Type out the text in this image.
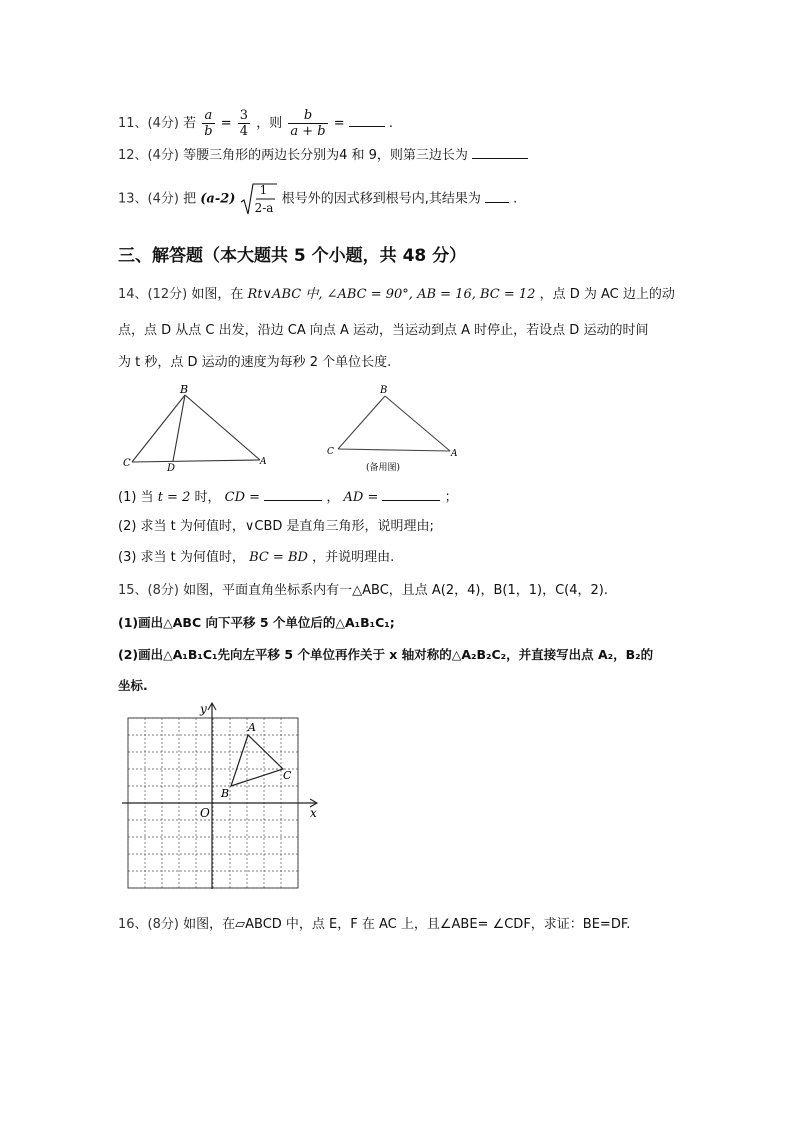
11、(4分) 若 $\frac{a}{b} = \frac{3}{4}$ ，则 $\frac{b}{a + b}$ =	.
12、(4分) 等腰三角形的两边长分别为4 和 9，则第三边长为
13、(4分) 把 (a-2)
1
2-a
根号外的因式移到根号内,其结果为 .
三、解答题（本大题共 5 个小题，共 48 分）
14、(12分) 如图，在 Rt∨ABC 中, ∠ABC = 90°, AB = 16, BC = 12 ，点 D 为 AC 边上的动
点，点 D 从点 C 出发，沿边 CA 向点 A 运动，当运动到点 A 时停止，若设点 D 运动的时间
为 t 秒，点 D 运动的速度为每秒 2 个单位长度.
B
C	D
A
B
C	A
(备用图)
(1) 当 t = 2 时， CD =	， AD =	；
(2) 求当 t 为何值时，∨CBD 是直角三角形，说明理由;
(3) 求当 t 为何值时， BC = BD ，并说明理由.
15、(8分) 如图，平面直角坐标系内有一△ABC，且点 A(2，4)，B(1，1)，C(4，2).
(1)画出△ABC 向下平移 5 个单位后的△A₁B₁C₁;
(2)画出△A₁B₁C₁先向左平移 5 个单位再作关于 x 轴对称的△A₂B₂C₂，并直接写出点 A₂，B₂的
坐标.
y
x
O
A
B
C
16、(8分) 如图，在▱ABCD 中，点 E，F 在 AC 上，且∠ABE= ∠CDF，求证：BE=DF.
